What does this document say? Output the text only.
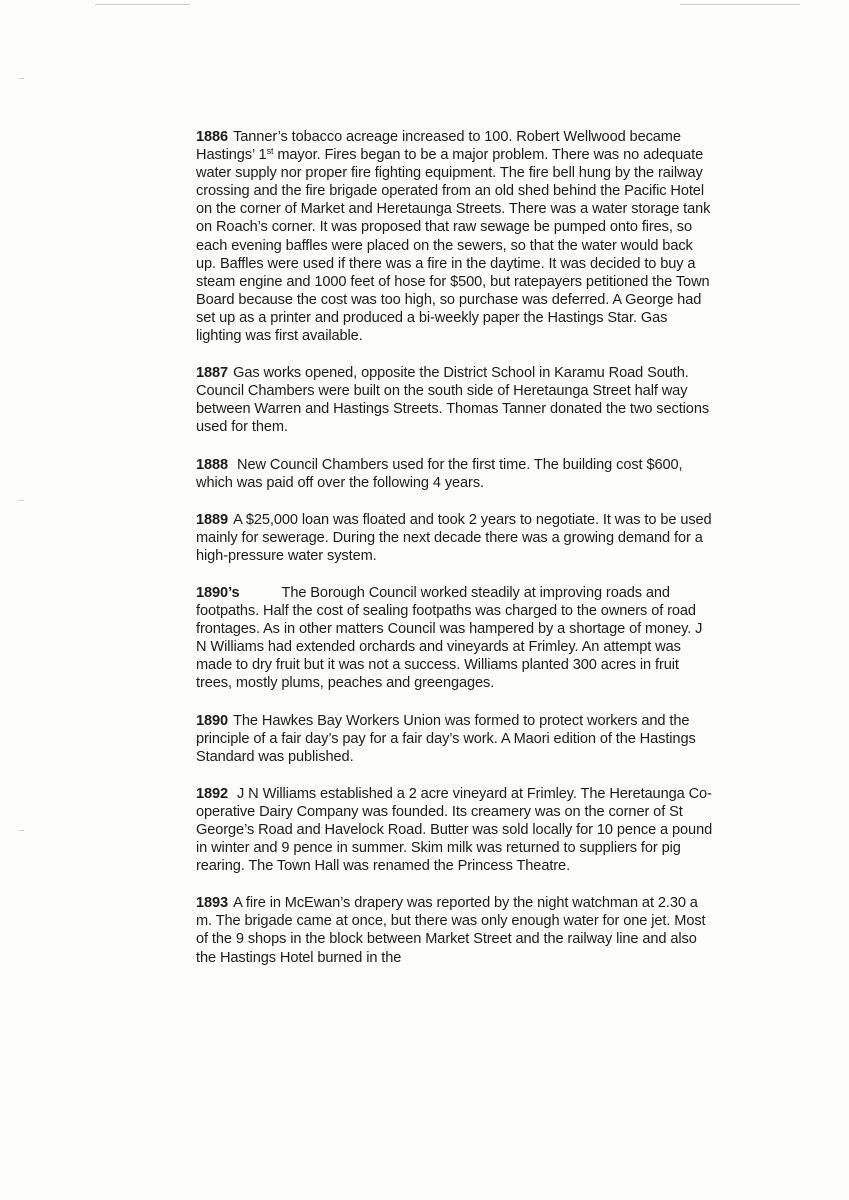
1886 Tanner’s tobacco acreage increased to 100. Robert Wellwood became Hastings’ 1st mayor. Fires began to be a major problem. There was no adequate water supply nor proper fire fighting equipment. The fire bell hung by the railway crossing and the fire brigade operated from an old shed behind the Pacific Hotel on the corner of Market and Heretaunga Streets. There was a water storage tank on Roach’s corner. It was proposed that raw sewage be pumped onto fires, so each evening baffles were placed on the sewers, so that the water would back up. Baffles were used if there was a fire in the daytime. It was decided to buy a steam engine and 1000 feet of hose for $500, but ratepayers petitioned the Town Board because the cost was too high, so purchase was deferred. A George had set up as a printer and produced a bi-weekly paper the Hastings Star. Gas lighting was first available.

1887 Gas works opened, opposite the District School in Karamu Road South. Council Chambers were built on the south side of Heretaunga Street half way between Warren and Hastings Streets. Thomas Tanner donated the two sections used for them.

1888 New Council Chambers used for the first time. The building cost $600, which was paid off over the following 4 years.

1889 A $25,000 loan was floated and took 2 years to negotiate. It was to be used mainly for sewerage. During the next decade there was a growing demand for a high-pressure water system.

1890’s	The Borough Council worked steadily at improving roads and footpaths. Half the cost of sealing footpaths was charged to the owners of road frontages. As in other matters Council was hampered by a shortage of money. J N Williams had extended orchards and vineyards at Frimley. An attempt was made to dry fruit but it was not a success. Williams planted 300 acres in fruit trees, mostly plums, peaches and greengages.

1890 The Hawkes Bay Workers Union was formed to protect workers and the principle of a fair day’s pay for a fair day’s work. A Maori edition of the Hastings Standard was published.

1892 J N Williams established a 2 acre vineyard at Frimley. The Heretaunga Co-operative Dairy Company was founded. Its creamery was on the corner of St George’s Road and Havelock Road. Butter was sold locally for 10 pence a pound in winter and 9 pence in summer. Skim milk was returned to suppliers for pig rearing. The Town Hall was renamed the Princess Theatre.

1893 A fire in McEwan’s drapery was reported by the night watchman at 2.30 a m. The brigade came at once, but there was only enough water for one jet. Most of the 9 shops in the block between Market Street and the railway line and also the Hastings Hotel burned in the
